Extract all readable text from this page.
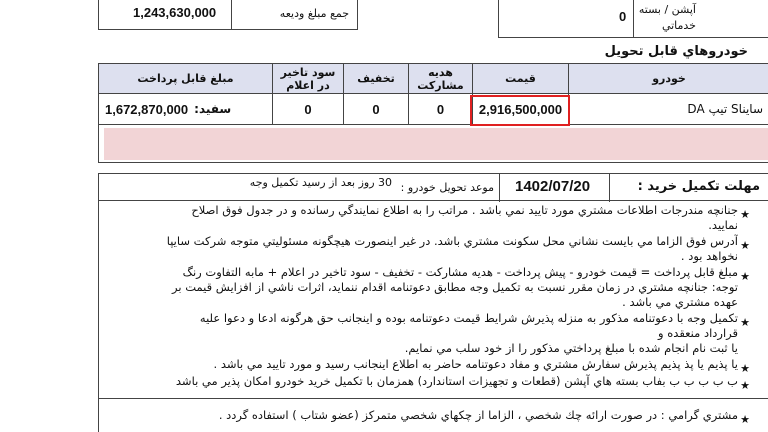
1,243,630,000	جمع مبلغ وديعه	0 آپشن / بسته
خدماتي
خودروهاي قابل تحويل
خودرو
قيمت
هديه مشاركت
تخفيف
سود تاخير در اعلام
مبلغ قابل پرداخت
سايناS تيپ DA
2,916,500,000
0
0
0
1,672,870,000 سفيد:
مهلت تكميل خريد :
1402/07/20
موعد تحويل خودرو :
30 روز بعد از رسيد تكميل وجه
★
جنانچه مندرجات اطلاعات مشتري مورد تاييد نمي باشد . مراتب را به اطلاع نمايندگي رسانده و در جدول فوق اصلاح
نماييد.
★
آدرس فوق الزاما مي بايست نشاني محل سكونت مشتري باشد. در غير اينصورت هيچگونه مسئوليتي متوجه شركت سايپا
نخواهد بود .
★
مبلغ قابل پرداخت = قيمت خودرو - پيش پرداخت - هديه مشاركت - تخفيف - سود تاخير در اعلام + مابه التفاوت رنگ
توجه: جنانچه مشتري در زمان مقرر نسبت به تكميل وجه مطابق دعوتنامه اقدام ننمايد، اثرات ناشي از افزايش قيمت بر
عهده مشتري مي باشد .
★
تكميل وجه با دعوتنامه مذكور به منزله پذيرش شرايط قيمت دعوتنامه بوده و اينجانب حق هرگونه ادعا و دعوا عليه
قرارداد منعقده و
يا ثبت نام انجام شده با مبلغ پرداختي مذكور را از خود سلب مي نمايم.
★
يا پذيم يا پذ پذيم پذيرش سفارش مشتري و مفاد دعوتنامه حاضر به اطلاع اينجانب رسيد و مورد تاييد مي باشد .
★
ب ب ب ب ب بفاب بسته هاي آپشن (قطعات و تجهيزات استاندارد) همزمان با تكميل خريد خودرو امكان پذير مي باشد
★
مشتري گرامي : در صورت ارائه چك شخصي ، الزاما از چكهاي شخصي متمركز (عضو شتاب ) استفاده گردد .
